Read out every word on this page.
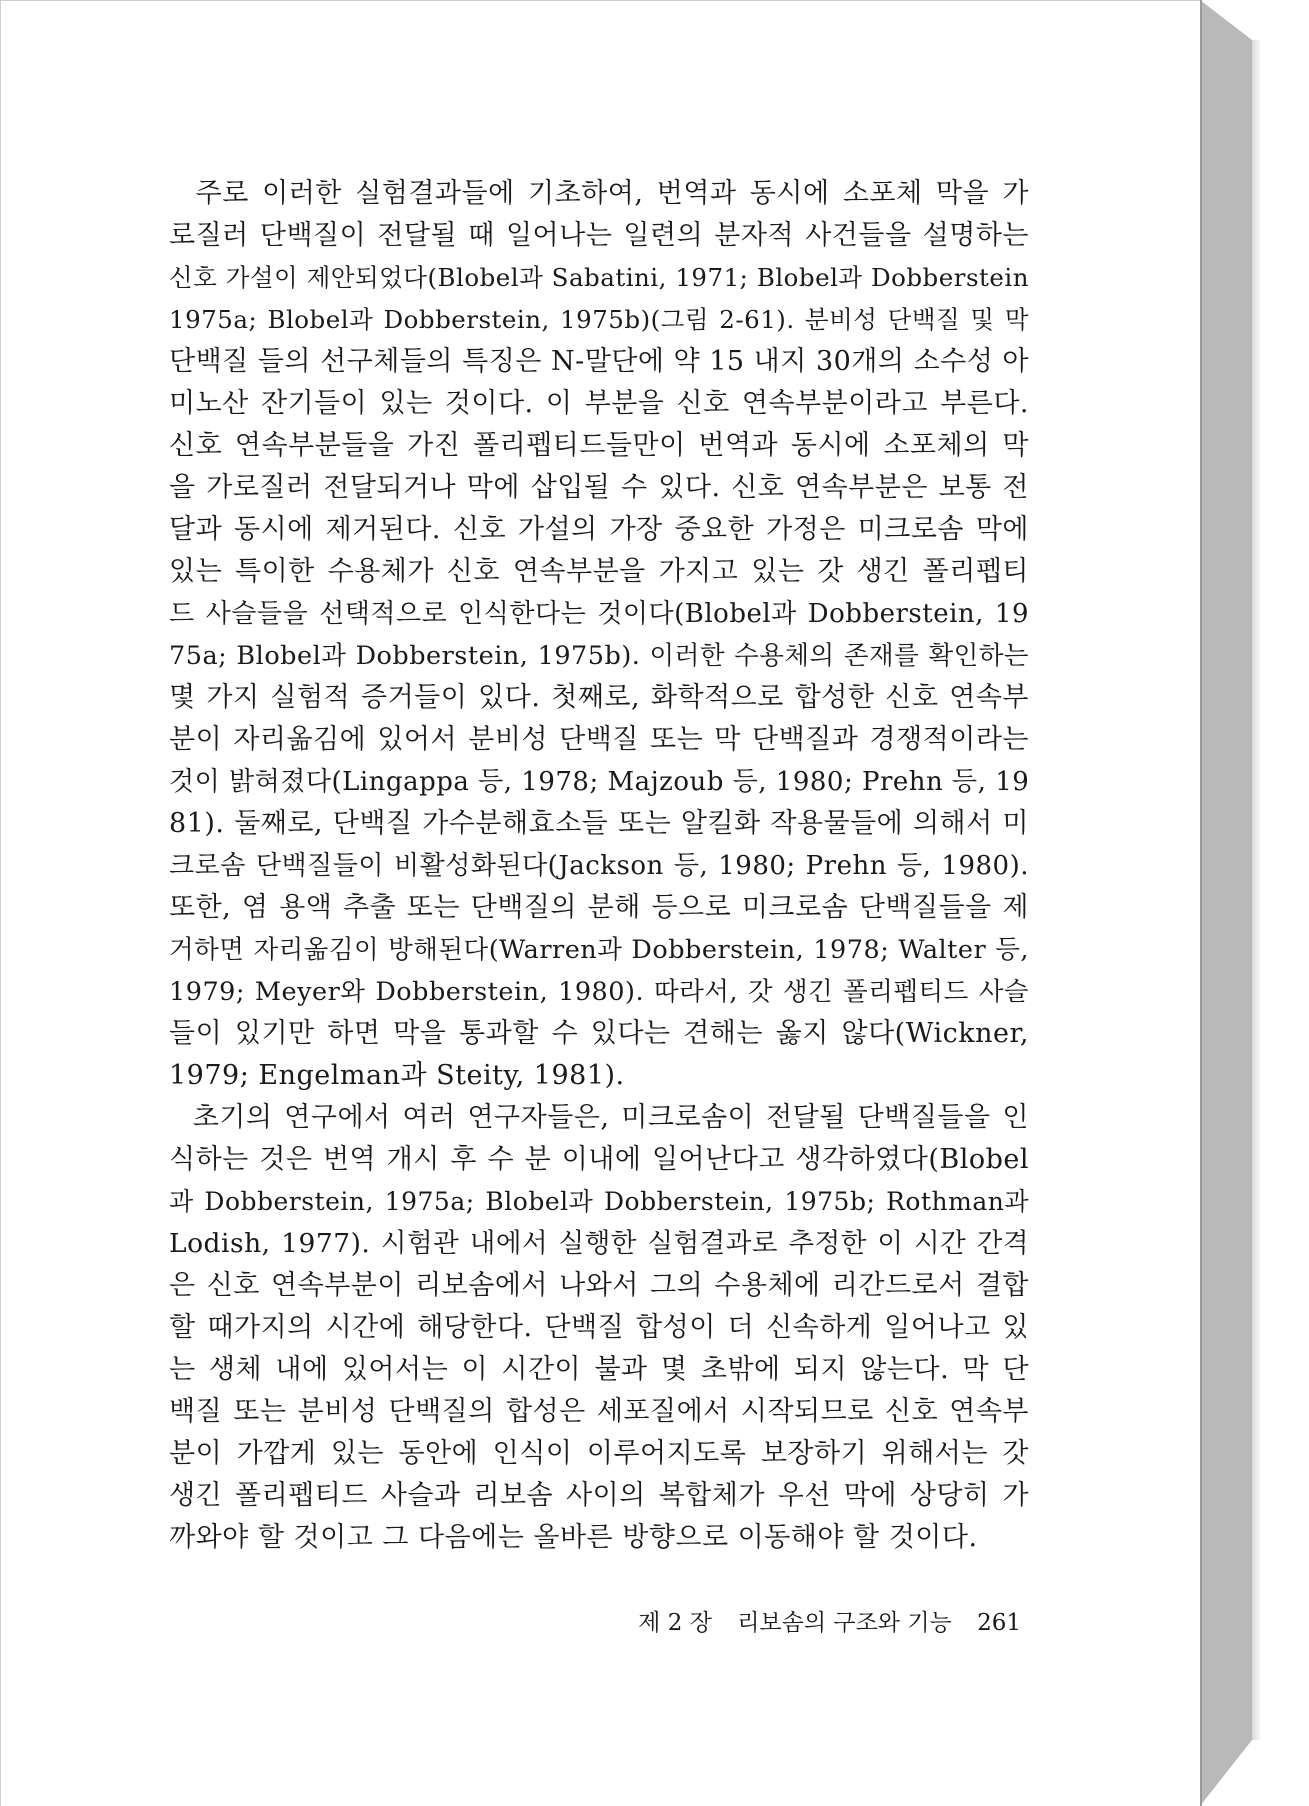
주로 이러한 실험결과들에 기초하여, 번역과 동시에 소포체 막을 가
로질러 단백질이 전달될 때 일어나는 일련의 분자적 사건들을 설명하는
신호 가설이 제안되었다(Blobel과 Sabatini, 1971; Blobel과 Dobberstein
1975a; Blobel과 Dobberstein, 1975b)(그림 2-61). 분비성 단백질 및 막
단백질 들의 선구체들의 특징은 N-말단에 약 15 내지 30개의 소수성 아
미노산 잔기들이 있는 것이다. 이 부분을 신호 연속부분이라고 부른다.
신호 연속부분들을 가진 폴리펩티드들만이 번역과 동시에 소포체의 막
을 가로질러 전달되거나 막에 삽입될 수 있다. 신호 연속부분은 보통 전
달과 동시에 제거된다. 신호 가설의 가장 중요한 가정은 미크로솜 막에
있는 특이한 수용체가 신호 연속부분을 가지고 있는 갓 생긴 폴리펩티
드 사슬들을 선택적으로 인식한다는 것이다(Blobel과 Dobberstein, 19
75a; Blobel과 Dobberstein, 1975b). 이러한 수용체의 존재를 확인하는
몇 가지 실험적 증거들이 있다. 첫째로, 화학적으로 합성한 신호 연속부
분이 자리옮김에 있어서 분비성 단백질 또는 막 단백질과 경쟁적이라는
것이 밝혀졌다(Lingappa 등, 1978; Majzoub 등, 1980; Prehn 등, 19
81). 둘째로, 단백질 가수분해효소들 또는 알킬화 작용물들에 의해서 미
크로솜 단백질들이 비활성화된다(Jackson 등, 1980; Prehn 등, 1980).
또한, 염 용액 추출 또는 단백질의 분해 등으로 미크로솜 단백질들을 제
거하면 자리옮김이 방해된다(Warren과 Dobberstein, 1978; Walter 등,
1979; Meyer와 Dobberstein, 1980). 따라서, 갓 생긴 폴리펩티드 사슬
들이 있기만 하면 막을 통과할 수 있다는 견해는 옳지 않다(Wickner,
1979; Engelman과 Steity, 1981).

초기의 연구에서 여러 연구자들은, 미크로솜이 전달될 단백질들을 인
식하는 것은 번역 개시 후 수 분 이내에 일어난다고 생각하였다(Blobel
과 Dobberstein, 1975a; Blobel과 Dobberstein, 1975b; Rothman과
Lodish, 1977). 시험관 내에서 실행한 실험결과로 추정한 이 시간 간격
은 신호 연속부분이 리보솜에서 나와서 그의 수용체에 리간드로서 결합
할 때가지의 시간에 해당한다. 단백질 합성이 더 신속하게 일어나고 있
는 생체 내에 있어서는 이 시간이 불과 몇 초밖에 되지 않는다. 막 단
백질 또는 분비성 단백질의 합성은 세포질에서 시작되므로 신호 연속부
분이 가깝게 있는 동안에 인식이 이루어지도록 보장하기 위해서는 갓
생긴 폴리펩티드 사슬과 리보솜 사이의 복합체가 우선 막에 상당히 가
까와야 할 것이고 그 다음에는 올바른 방향으로 이동해야 할 것이다.

제 2 장 리보솜의 구조와 기능 261
